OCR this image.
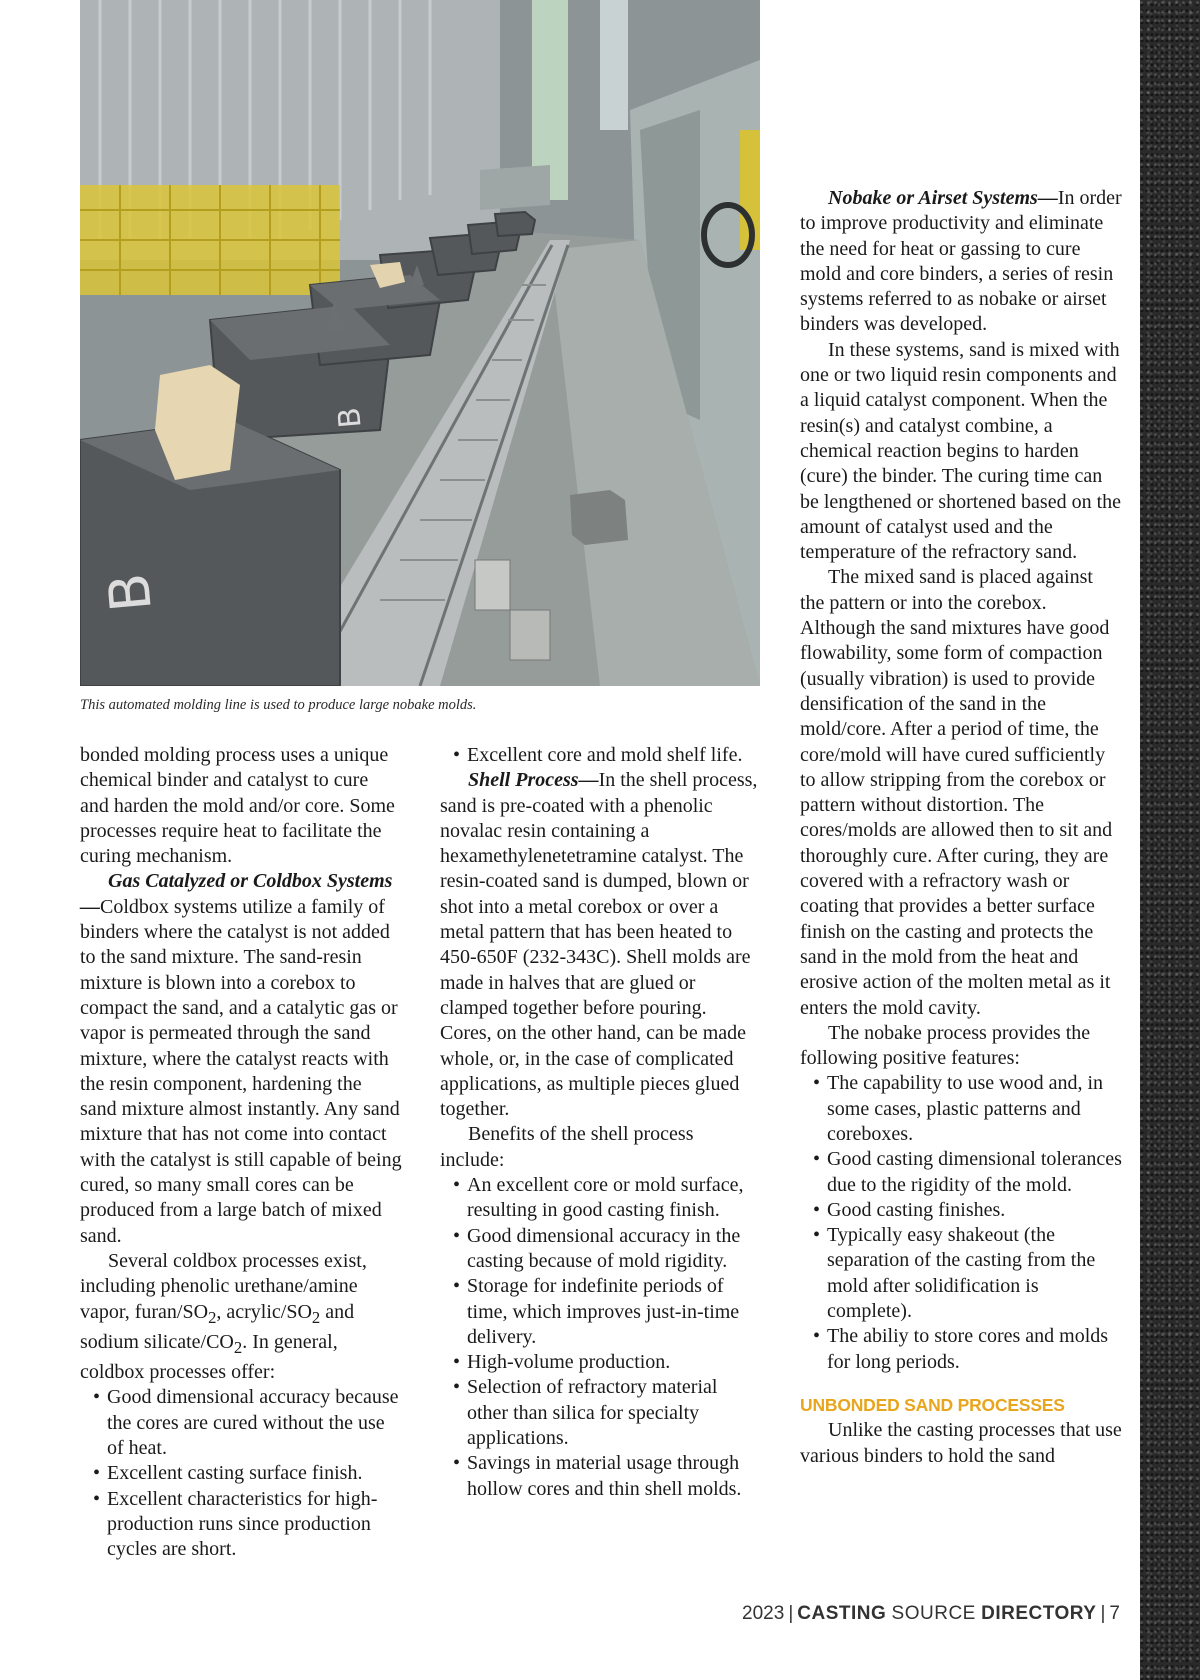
B
B
This automated molding line is used to produce large nobake molds.

bonded molding process uses a unique chemical binder and catalyst to cure and harden the mold and/or core. Some processes require heat to facilitate the curing mechanism.

Gas Catalyzed or Coldbox Systems—Coldbox systems utilize a family of binders where the catalyst is not added to the sand mixture. The sand-resin mixture is blown into a corebox to compact the sand, and a catalytic gas or vapor is permeated through the sand mixture, where the catalyst reacts with the resin component, hardening the sand mixture almost instantly. Any sand mixture that has not come into contact with the catalyst is still capable of being cured, so many small cores can be produced from a large batch of mixed sand.

Several coldbox processes exist, including phenolic urethane/amine vapor, furan/$SO_2$, acrylic/$SO_2$ and sodium silicate/$CO_2$. In general, coldbox processes offer:

• Good dimensional accuracy because the cores are cured without the use of heat.
• Excellent casting surface finish.
• Excellent characteristics for high-production runs since production cycles are short.
• Excellent core and mold shelf life.

Shell Process—In the shell process, sand is pre-coated with a phenolic novalac resin containing a hexamethylenetetramine catalyst. The resin-coated sand is dumped, blown or shot into a metal corebox or over a metal pattern that has been heated to 450-650F (232-343C). Shell molds are made in halves that are glued or clamped together before pouring. Cores, on the other hand, can be made whole, or, in the case of complicated applications, as multiple pieces glued together.

Benefits of the shell process include:

• An excellent core or mold surface, resulting in good casting finish.
• Good dimensional accuracy in the casting because of mold rigidity.
• Storage for indefinite periods of time, which improves just-in-time delivery.
• High-volume production.
• Selection of refractory material other than silica for specialty applications.
• Savings in material usage through hollow cores and thin shell molds.

Nobake or Airset Systems—In order to improve productivity and eliminate the need for heat or gassing to cure mold and core binders, a series of resin systems referred to as nobake or airset binders was developed.

In these systems, sand is mixed with one or two liquid resin components and a liquid catalyst component. When the resin(s) and catalyst combine, a chemical reaction begins to harden (cure) the binder. The curing time can be lengthened or shortened based on the amount of catalyst used and the temperature of the refractory sand.

The mixed sand is placed against the pattern or into the corebox. Although the sand mixtures have good flowability, some form of compaction (usually vibration) is used to provide densification of the sand in the mold/core. After a period of time, the core/mold will have cured sufficiently to allow stripping from the corebox or pattern without distortion. The cores/molds are allowed then to sit and thoroughly cure. After curing, they are covered with a refractory wash or coating that provides a better surface finish on the casting and protects the sand in the mold from the heat and erosive action of the molten metal as it enters the mold cavity.

The nobake process provides the following positive features:

• The capability to use wood and, in some cases, plastic patterns and coreboxes.
• Good casting dimensional tolerances due to the rigidity of the mold.
• Good casting finishes.
• Typically easy shakeout (the separation of the casting from the mold after solidification is complete).
• The abiliy to store cores and molds for long periods.

UNBONDED SAND PROCESSES

Unlike the casting processes that use various binders to hold the sand

2023 | CASTING SOURCE DIRECTORY | 7
